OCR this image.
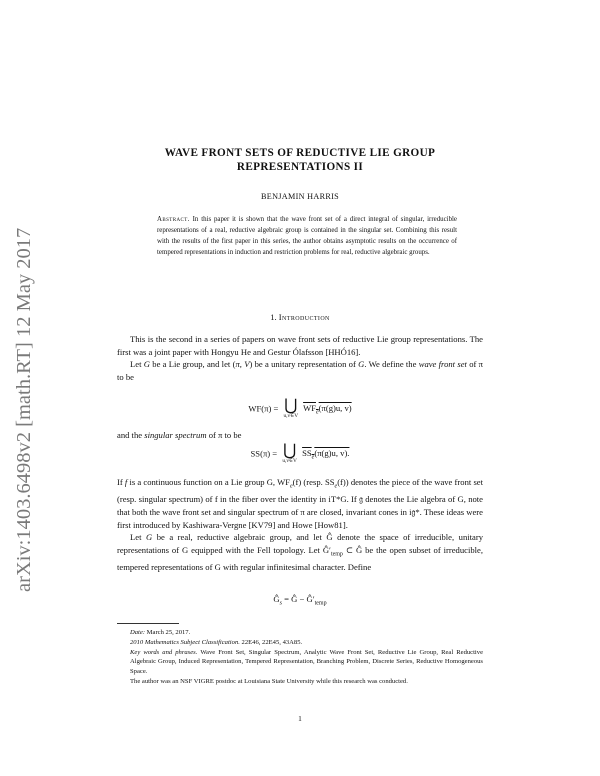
arXiv:1403.6498v2 [math.RT] 12 May 2017
WAVE FRONT SETS OF REDUCTIVE LIE GROUP
REPRESENTATIONS II
BENJAMIN HARRIS
Abstract. In this paper it is shown that the wave front set of a direct integral of singular, irreducible representations of a real, reductive algebraic group is contained in the singular set. Combining this result with the results of the first paper in this series, the author obtains asymptotic results on the occurrence of tempered representations in induction and restriction problems for real, reductive algebraic groups.
1. Introduction

This is the second in a series of papers on wave front sets of reductive Lie group representations. The first was a joint paper with Hongyu He and Gestur Ólafsson [HHÓ16].

Let G be a Lie group, and let (π, V) be a unitary representation of G. We define the wave front set of π to be

WF(π) = ⋃
u,v∈V
$WF_e(\pi(g)u$, v)
and the singular spectrum of π to be
SS(π) = ⋃
u,v∈V
$SS_e(\pi(g)u$, v).

If f is a continuous function on a Lie group G, $WF_e(f)$ (resp. $SS_e(f)$) denotes the piece of the wave front set (resp. singular spectrum) of f in the fiber over the identity in iT*G. If 𝔤 denotes the Lie algebra of G, note that both the wave front set and singular spectrum of π are closed, invariant cones in i𝔤*. These ideas were first introduced by Kashiwara-Vergne [KV79] and Howe [How81].

Let G be a real, reductive algebraic group, and let Ĝ denote the space of irreducible, unitary representations of G equipped with the Fell topology. Let $Ĝ'_{temp}$ ⊂ Ĝ be the open subset of irreducible, tempered representations of G with regular infinitesimal character. Define

$Ĝ_s$ = Ĝ − $Ĝ'_{temp}$
Date: March 25, 2017.
2010 Mathematics Subject Classification. 22E46, 22E45, 43A85.
Key words and phrases. Wave Front Set, Singular Spectrum, Analytic Wave Front Set, Reductive Lie Group, Real Reductive Algebraic Group, Induced Representation, Tempered Representation, Branching Problem, Discrete Series, Reductive Homogeneous Space.
The author was an NSF VIGRE postdoc at Louisiana State University while this research was conducted.
1
